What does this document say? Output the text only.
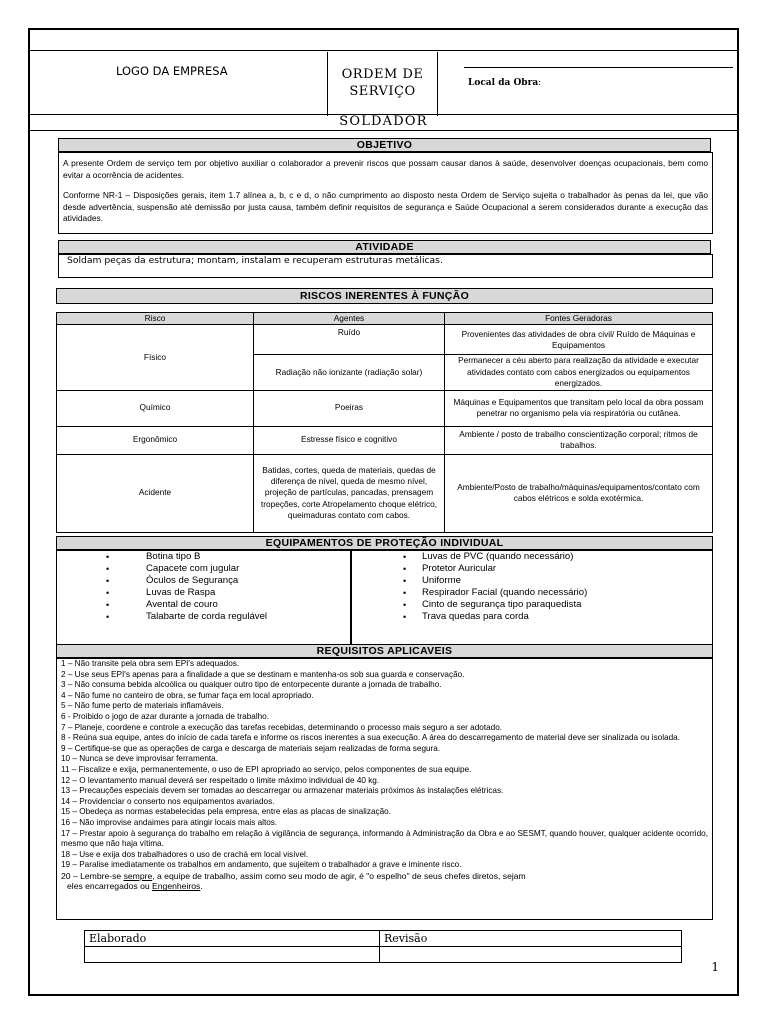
LOGO DA EMPRESA	ORDEM DE
SERVIÇO
Local da Obra:
SOLDADOR
OBJETIVO

A presente Ordem de serviço tem por objetivo auxiliar o colaborador a prevenir riscos que possam causar danos à saúde, desenvolver doenças ocupacionais, bem como evitar a ocorrência de acidentes.

Conforme NR-1 – Disposições gerais, item 1.7 alínea a, b, c e d, o não cumprimento ao disposto nesta Ordem de Serviço sujeita o trabalhador às penas da lei, que vão desde advertência, suspensão até demissão por justa causa, também definir requisitos de segurança e Saúde Ocupacional a serem considerados durante a execução das atividades.

ATIVIDADE

Soldam peças da estrutura; montam, instalam e recuperam estruturas metálicas.

RISCOS INERENTES À FUNÇÃO
Risco	Agentes	Fontes Geradoras
Físico	Ruído	Provenientes das atividades de obra civil/ Ruído de Máquinas e Equipamentos
	Radiação não ionizante (radiação solar)	Permanecer a céu aberto para realização da atividade e executar atividades contato com cabos energizados ou equipamentos energizados.
Químico	Poeiras	Máquinas e Equipamentos que transitam pelo local da obra possam penetrar no organismo pela via respiratória ou cutânea.
Ergonômico	Estresse físico e cognitivo	Ambiente / posto de trabalho conscientização corporal; ritmos de trabalhos.
Acidente	Batidas, cortes, queda de materiais, quedas de diferença de nível, queda de mesmo nível, projeção de partículas, pancadas, prensagem tropeções, corte Atropelamento choque elétrico, queimaduras contato com cabos.	Ambiente/Posto de trabalho/máquinas/equipamentos/contato com cabos elétricos e solda exotérmica.
EQUIPAMENTOS DE PROTEÇÃO INDIVIDUAL
• Botina tipo B
• Capacete com jugular
• Óculos de Segurança
• Luvas de Raspa
• Avental de couro
• Talabarte de corda regulável
• Luvas de PVC (quando necessário)
• Protetor Auricular
• Uniforme
• Respirador Facial (quando necessário)
• Cinto de segurança tipo paraquedista
• Trava quedas para corda
REQUISITOS APLICAVEIS

1 – Não transite pela obra sem EPI's adequados.

2 – Use seus EPI's apenas para a finalidade a que se destinam e mantenha-os sob sua guarda e conservação.

3 – Não consuma bebida alcoólica ou qualquer outro tipo de entorpecente durante a jornada de trabalho.

4 – Não fume no canteiro de obra, se fumar faça em local apropriado.

5 – Não fume perto de materiais inflamáveis.

6 - Proibido o jogo de azar durante a jornada de trabalho.

7 – Planeje, coordene e controle a execução das tarefas recebidas, determinando o processo mais seguro a ser adotado.

8 - Reúna sua equipe, antes do início de cada tarefa e informe os riscos inerentes a sua execução. A área do descarregamento de material deve ser sinalizada ou isolada.

9 – Certifique-se que as operações de carga e descarga de materiais sejam realizadas de forma segura.

10 – Nunca se deve improvisar ferramenta.

11 – Fiscalize e exija, permanentemente, o uso de EPI apropriado ao serviço, pelos componentes de sua equipe.

12 – O levantamento manual deverá ser respeitado o limite máximo individual de 40 kg.

13 – Precauções especiais devem ser tomadas ao descarregar ou armazenar materiais próximos às instalações elétricas.

14 – Providenciar o conserto nos equipamentos avariados.

15 – Obedeça as normas estabelecidas pela empresa, entre elas as placas de sinalização.

16 – Não improvise andaimes para atingir locais mais altos.

17 – Prestar apoio à segurança do trabalho em relação à vigilância de segurança, informando à Administração da Obra e ao SESMT, quando houver, qualquer acidente ocorrido, mesmo que não haja vítima.

18 – Use e exija dos trabalhadores o uso de crachá em local visível.

19 – Paralise imediatamente os trabalhos em andamento, que sujeitem o trabalhador a grave e iminente risco.

20 – Lembre-se sempre, a equipe de trabalho, assim como seu modo de agir, é "o espelho" de seus chefes diretos, sejam

eles encarregados ou Engenheiros.

Elaborado	Revisão

1
